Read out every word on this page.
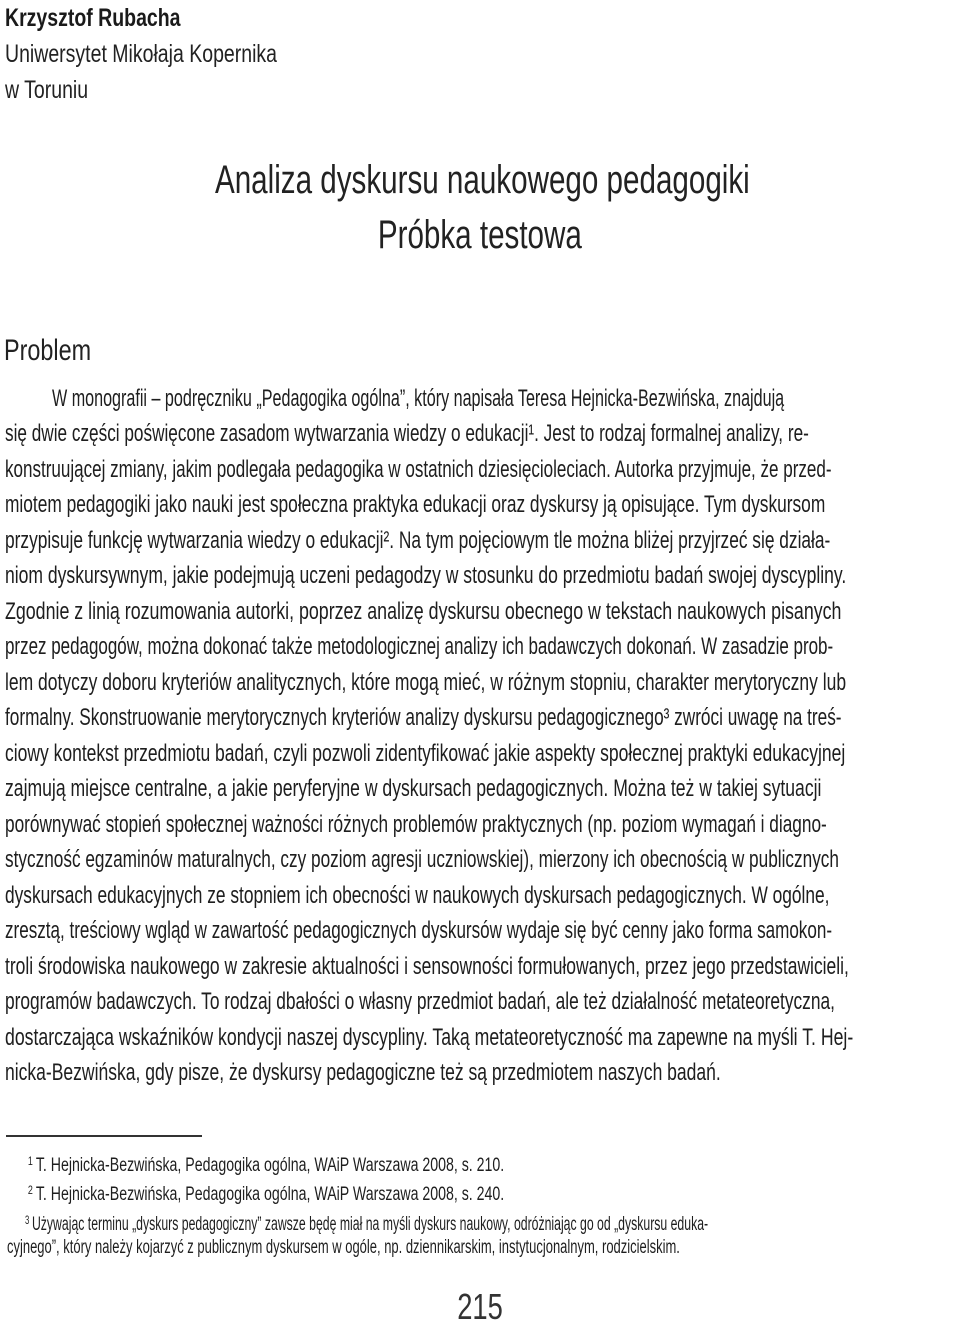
Krzysztof Rubacha
Uniwersytet Mikołaja Kopernika
w Toruniu
Analiza dyskursu naukowego pedagogiki
Próbka testowa
Problem
W monografii – podręczniku „Pedagogika ogólna”, który napisała Teresa Hejnicka-Bezwińska, znajdują
się dwie części poświęcone zasadom wytwarzania wiedzy o edukacji¹. Jest to rodzaj formalnej analizy, re-
konstruującej zmiany, jakim podlegała pedagogika w ostatnich dziesięcioleciach. Autorka przyjmuje, że przed-
miotem pedagogiki jako nauki jest społeczna praktyka edukacji oraz dyskursy ją opisujące. Tym dyskursom
przypisuje funkcję wytwarzania wiedzy o edukacji². Na tym pojęciowym tle można bliżej przyjrzeć się działa-
niom dyskursywnym, jakie podejmują uczeni pedagodzy w stosunku do przedmiotu badań swojej dyscypliny.
Zgodnie z linią rozumowania autorki, poprzez analizę dyskursu obecnego w tekstach naukowych pisanych
przez pedagogów, można dokonać także metodologicznej analizy ich badawczych dokonań. W zasadzie prob-
lem dotyczy doboru kryteriów analitycznych, które mogą mieć, w różnym stopniu, charakter merytoryczny lub
formalny. Skonstruowanie merytorycznych kryteriów analizy dyskursu pedagogicznego³ zwróci uwagę na treś-
ciowy kontekst przedmiotu badań, czyli pozwoli zidentyfikować jakie aspekty społecznej praktyki edukacyjnej
zajmują miejsce centralne, a jakie peryferyjne w dyskursach pedagogicznych. Można też w takiej sytuacji
porównywać stopień społecznej ważności różnych problemów praktycznych (np. poziom wymagań i diagno-
styczność egzaminów maturalnych, czy poziom agresji uczniowskiej), mierzony ich obecnością w publicznych
dyskursach edukacyjnych ze stopniem ich obecności w naukowych dyskursach pedagogicznych. W ogólne,
zresztą, treściowy wgląd w zawartość pedagogicznych dyskursów wydaje się być cenny jako forma samokon-
troli środowiska naukowego w zakresie aktualności i sensowności formułowanych, przez jego przedstawicieli,
programów badawczych. To rodzaj dbałości o własny przedmiot badań, ale też działalność metateoretyczna,
dostarczająca wskaźników kondycji naszej dyscypliny. Taką metateoretyczność ma zapewne na myśli T. Hej-
nicka-Bezwińska, gdy pisze, że dyskursy pedagogiczne też są przedmiotem naszych badań.
$^1$ T. Hejnicka-Bezwińska, Pedagogika ogólna, WAiP Warszawa 2008, s. 210.
$^2$ T. Hejnicka-Bezwińska, Pedagogika ogólna, WAiP Warszawa 2008, s. 240.
$^3$ Używając terminu „dyskurs pedagogiczny” zawsze będę miał na myśli dyskurs naukowy, odróżniając go od „dyskursu eduka-
cyjnego”, który należy kojarzyć z publicznym dyskursem w ogóle, np. dziennikarskim, instytucjonalnym, rodzicielskim.
215
